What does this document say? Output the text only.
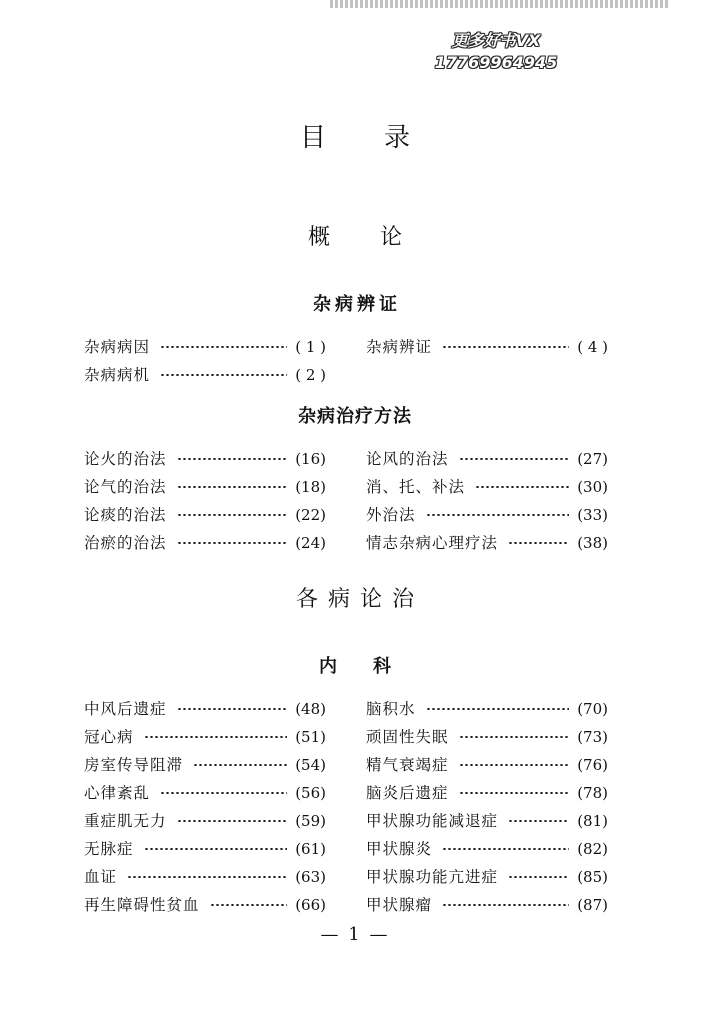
更多好书VX
17769964945
目录
概论
杂病辨证
杂病病因	( 1 )	杂病辨证	( 4 )
杂病病机	( 2 )
杂病治疗方法
论火的治法	(16)	论风的治法	(27)
论气的治法	(18)	消、托、补法	(30)
论痰的治法	(22)	外治法	(33)
治瘀的治法	(24)	情志杂病心理疗法	(38)
各病论治
内科
中风后遗症	(48)	脑积水	(70)
冠心病	(51)	顽固性失眠	(73)
房室传导阻滞	(54)	精气衰竭症	(76)
心律紊乱	(56)	脑炎后遗症	(78)
重症肌无力	(59)	甲状腺功能减退症	(81)
无脉症	(61)	甲状腺炎	(82)
血证	(63)	甲状腺功能亢进症	(85)
再生障碍性贫血	(66)	甲状腺瘤	(87)
— 1 —
